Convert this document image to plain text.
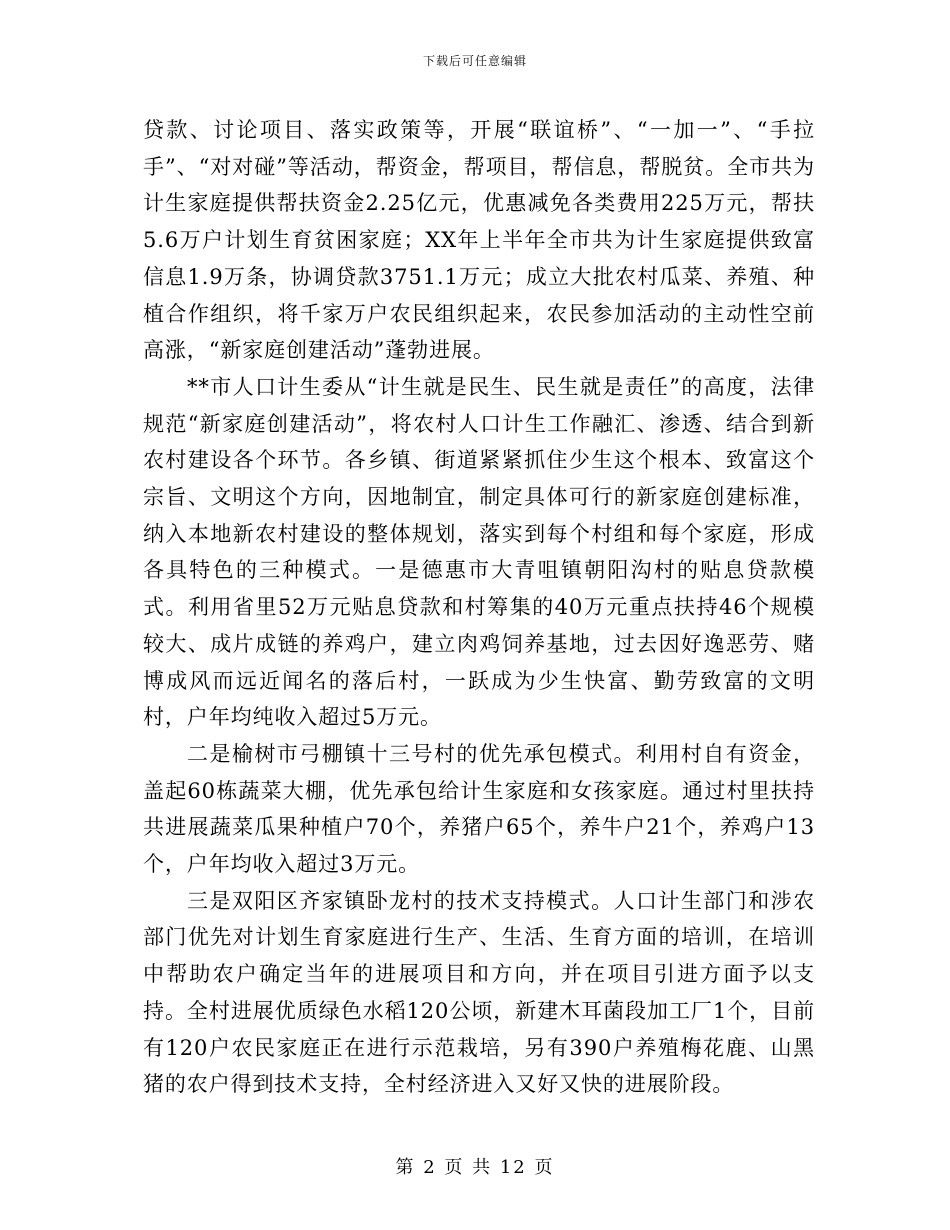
下载后可任意编辑

贷款、讨论项目、落实政策等，开展“联谊桥”、“一加一”、“手拉手”、“对对碰”等活动，帮资金，帮项目，帮信息，帮脱贫。全市共为计生家庭提供帮扶资金2.25亿元，优惠减免各类费用225万元，帮扶5.6万户计划生育贫困家庭；XX年上半年全市共为计生家庭提供致富信息1.9万条，协调贷款3751.1万元；成立大批农村瓜菜、养殖、种植合作组织，将千家万户农民组织起来，农民参加活动的主动性空前高涨，“新家庭创建活动”蓬勃进展。

**市人口计生委从“计生就是民生、民生就是责任”的高度，法律规范“新家庭创建活动”，将农村人口计生工作融汇、渗透、结合到新农村建设各个环节。各乡镇、街道紧紧抓住少生这个根本、致富这个宗旨、文明这个方向，因地制宜，制定具体可行的新家庭创建标准，纳入本地新农村建设的整体规划，落实到每个村组和每个家庭，形成各具特色的三种模式。一是德惠市大青咀镇朝阳沟村的贴息贷款模式。利用省里52万元贴息贷款和村筹集的40万元重点扶持46个规模较大、成片成链的养鸡户，建立肉鸡饲养基地，过去因好逸恶劳、赌博成风而远近闻名的落后村，一跃成为少生快富、勤劳致富的文明村，户年均纯收入超过5万元。

二是榆树市弓棚镇十三号村的优先承包模式。利用村自有资金，盖起60栋蔬菜大棚，优先承包给计生家庭和女孩家庭。通过村里扶持共进展蔬菜瓜果种植户70个，养猪户65个，养牛户21个，养鸡户13个，户年均收入超过3万元。

三是双阳区齐家镇卧龙村的技术支持模式。人口计生部门和涉农部门优先对计划生育家庭进行生产、生活、生育方面的培训，在培训中帮助农户确定当年的进展项目和方向，并在项目引进方面予以支持。全村进展优质绿色水稻120公顷，新建木耳菌段加工厂1个，目前有120户农民家庭正在进行示范栽培，另有390户养殖梅花鹿、山黑猪的农户得到技术支持，全村经济进入又好又快的进展阶段。

第 2 页 共 12 页
